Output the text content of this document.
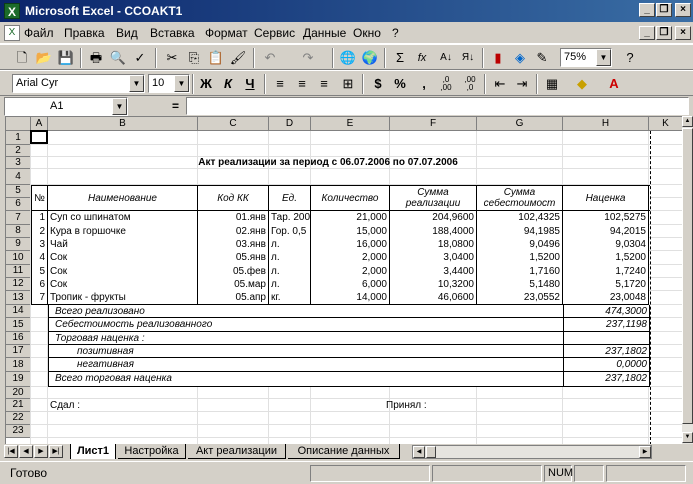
X Microsoft Excel - CCOAKT1	_ ❐	×
X Файл Правка Вид Вставка Формат Сервис Данные Окно ?	_ ❐	×
🗋 📂 💾 🖶 🔍 ✓	✂ ⎘ 📋 🖌	↶	↷	🌐 🌍	Σ	fx	A↓	Я↓	▮	◈ ✎	75%	▼	?
Arial Cyr	▼	10	▼	Ж К	Ч	≡	≡	≡	⊞	$ %	,	,0
,00
,00
,0	⇤ ⇥	▦	◆	A
A1	▼	=
A	B	C	D	E	F	G	H	K
1
2
3
4
5
6
7
8
9
10
11
12
13
14
15
16
17
18
19
20
21
22
23
Акт реализации за период с 06.07.2006 по 07.07.2006
№	Наименование	Код КК	Ед.	Количество	Сумма реализации
Сумма себестоимост	Наценка
1 Суп со шпинатом	01.янв Тар. 200	21,000	204,9600	102,4325	102,5275
2 Кура в горшочке	02.янв Гор. 0,5	15,000	188,4000	94,1985	94,2015
3 Чай	03.янв л.	16,000	18,0800	9,0496	9,0304
4 Сок	05.янв л.	2,000	3,0400	1,5200	1,5200
5 Сок	05.фев л.	2,000	3,4400	1,7160	1,7240
6 Сок	05.мар л.	6,000	10,3200	5,1480	5,1720
7 Тропик - фрукты	05.апр кг.	14,000	46,0600	23,0552	23,0048
Всего реализовано	474,3000
Себестоимость реализованного	237,1198
Торговая наценка :
позитивная	237,1802
негативная	0,0000
Всего торговая наценка	237,1802
Сдал :	Принял :
▲
▼
|◀	◀	▶	▶|	Лист1	Настройка	Акт реализации	Описание данных	◀	▶
Готово	NUM
